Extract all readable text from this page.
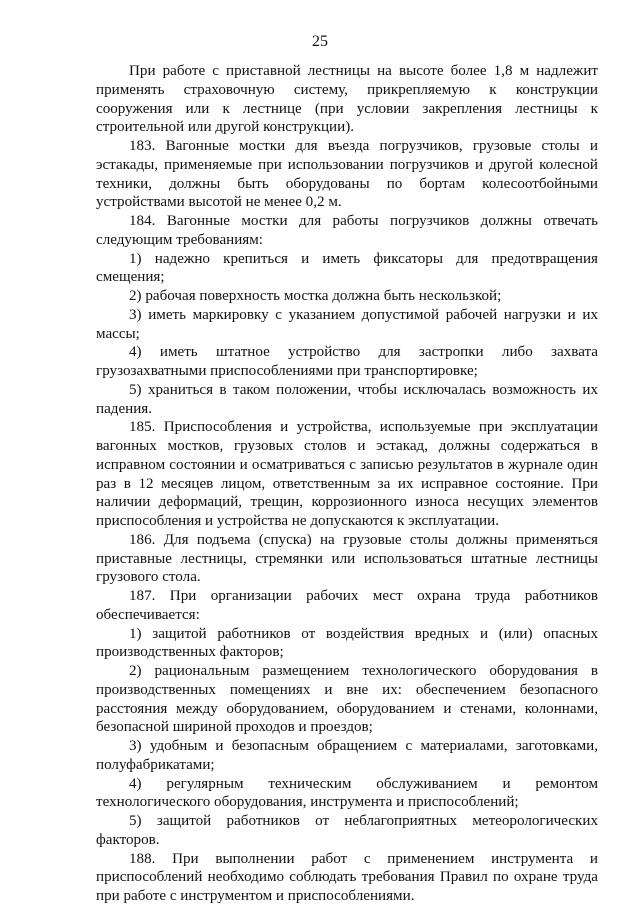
25

При работе с приставной лестницы на высоте более 1,8 м надлежит применять страховочную систему, прикрепляемую к конструкции сооружения или к лестнице (при условии закрепления лестницы к строительной или другой конструкции).

183. Вагонные мостки для въезда погрузчиков, грузовые столы и эстакады, применяемые при использовании погрузчиков и другой колесной техники, должны быть оборудованы по бортам колесоотбойными устройствами высотой не менее 0,2 м.

184. Вагонные мостки для работы погрузчиков должны отвечать следующим требованиям:

1) надежно крепиться и иметь фиксаторы для предотвращения смещения;

2) рабочая поверхность мостка должна быть нескользкой;

3) иметь маркировку с указанием допустимой рабочей нагрузки и их массы;

4) иметь штатное устройство для застропки либо захвата грузозахватными приспособлениями при транспортировке;

5) храниться в таком положении, чтобы исключалась возможность их падения.

185. Приспособления и устройства, используемые при эксплуатации вагонных мостков, грузовых столов и эстакад, должны содержаться в исправном состоянии и осматриваться с записью результатов в журнале один раз в 12 месяцев лицом, ответственным за их исправное состояние. При наличии деформаций, трещин, коррозионного износа несущих элементов приспособления и устройства не допускаются к эксплуатации.

186. Для подъема (спуска) на грузовые столы должны применяться приставные лестницы, стремянки или использоваться штатные лестницы грузового стола.

187. При организации рабочих мест охрана труда работников обеспечивается:

1) защитой работников от воздействия вредных и (или) опасных производственных факторов;

2) рациональным размещением технологического оборудования в производственных помещениях и вне их: обеспечением безопасного расстояния между оборудованием, оборудованием и стенами, колоннами, безопасной шириной проходов и проездов;

3) удобным и безопасным обращением с материалами, заготовками, полуфабрикатами;

4) регулярным техническим обслуживанием и ремонтом технологического оборудования, инструмента и приспособлений;

5) защитой работников от неблагоприятных метеорологических факторов.

188. При выполнении работ с применением инструмента и приспособлений необходимо соблюдать требования Правил по охране труда при работе с инструментом и приспособлениями.
